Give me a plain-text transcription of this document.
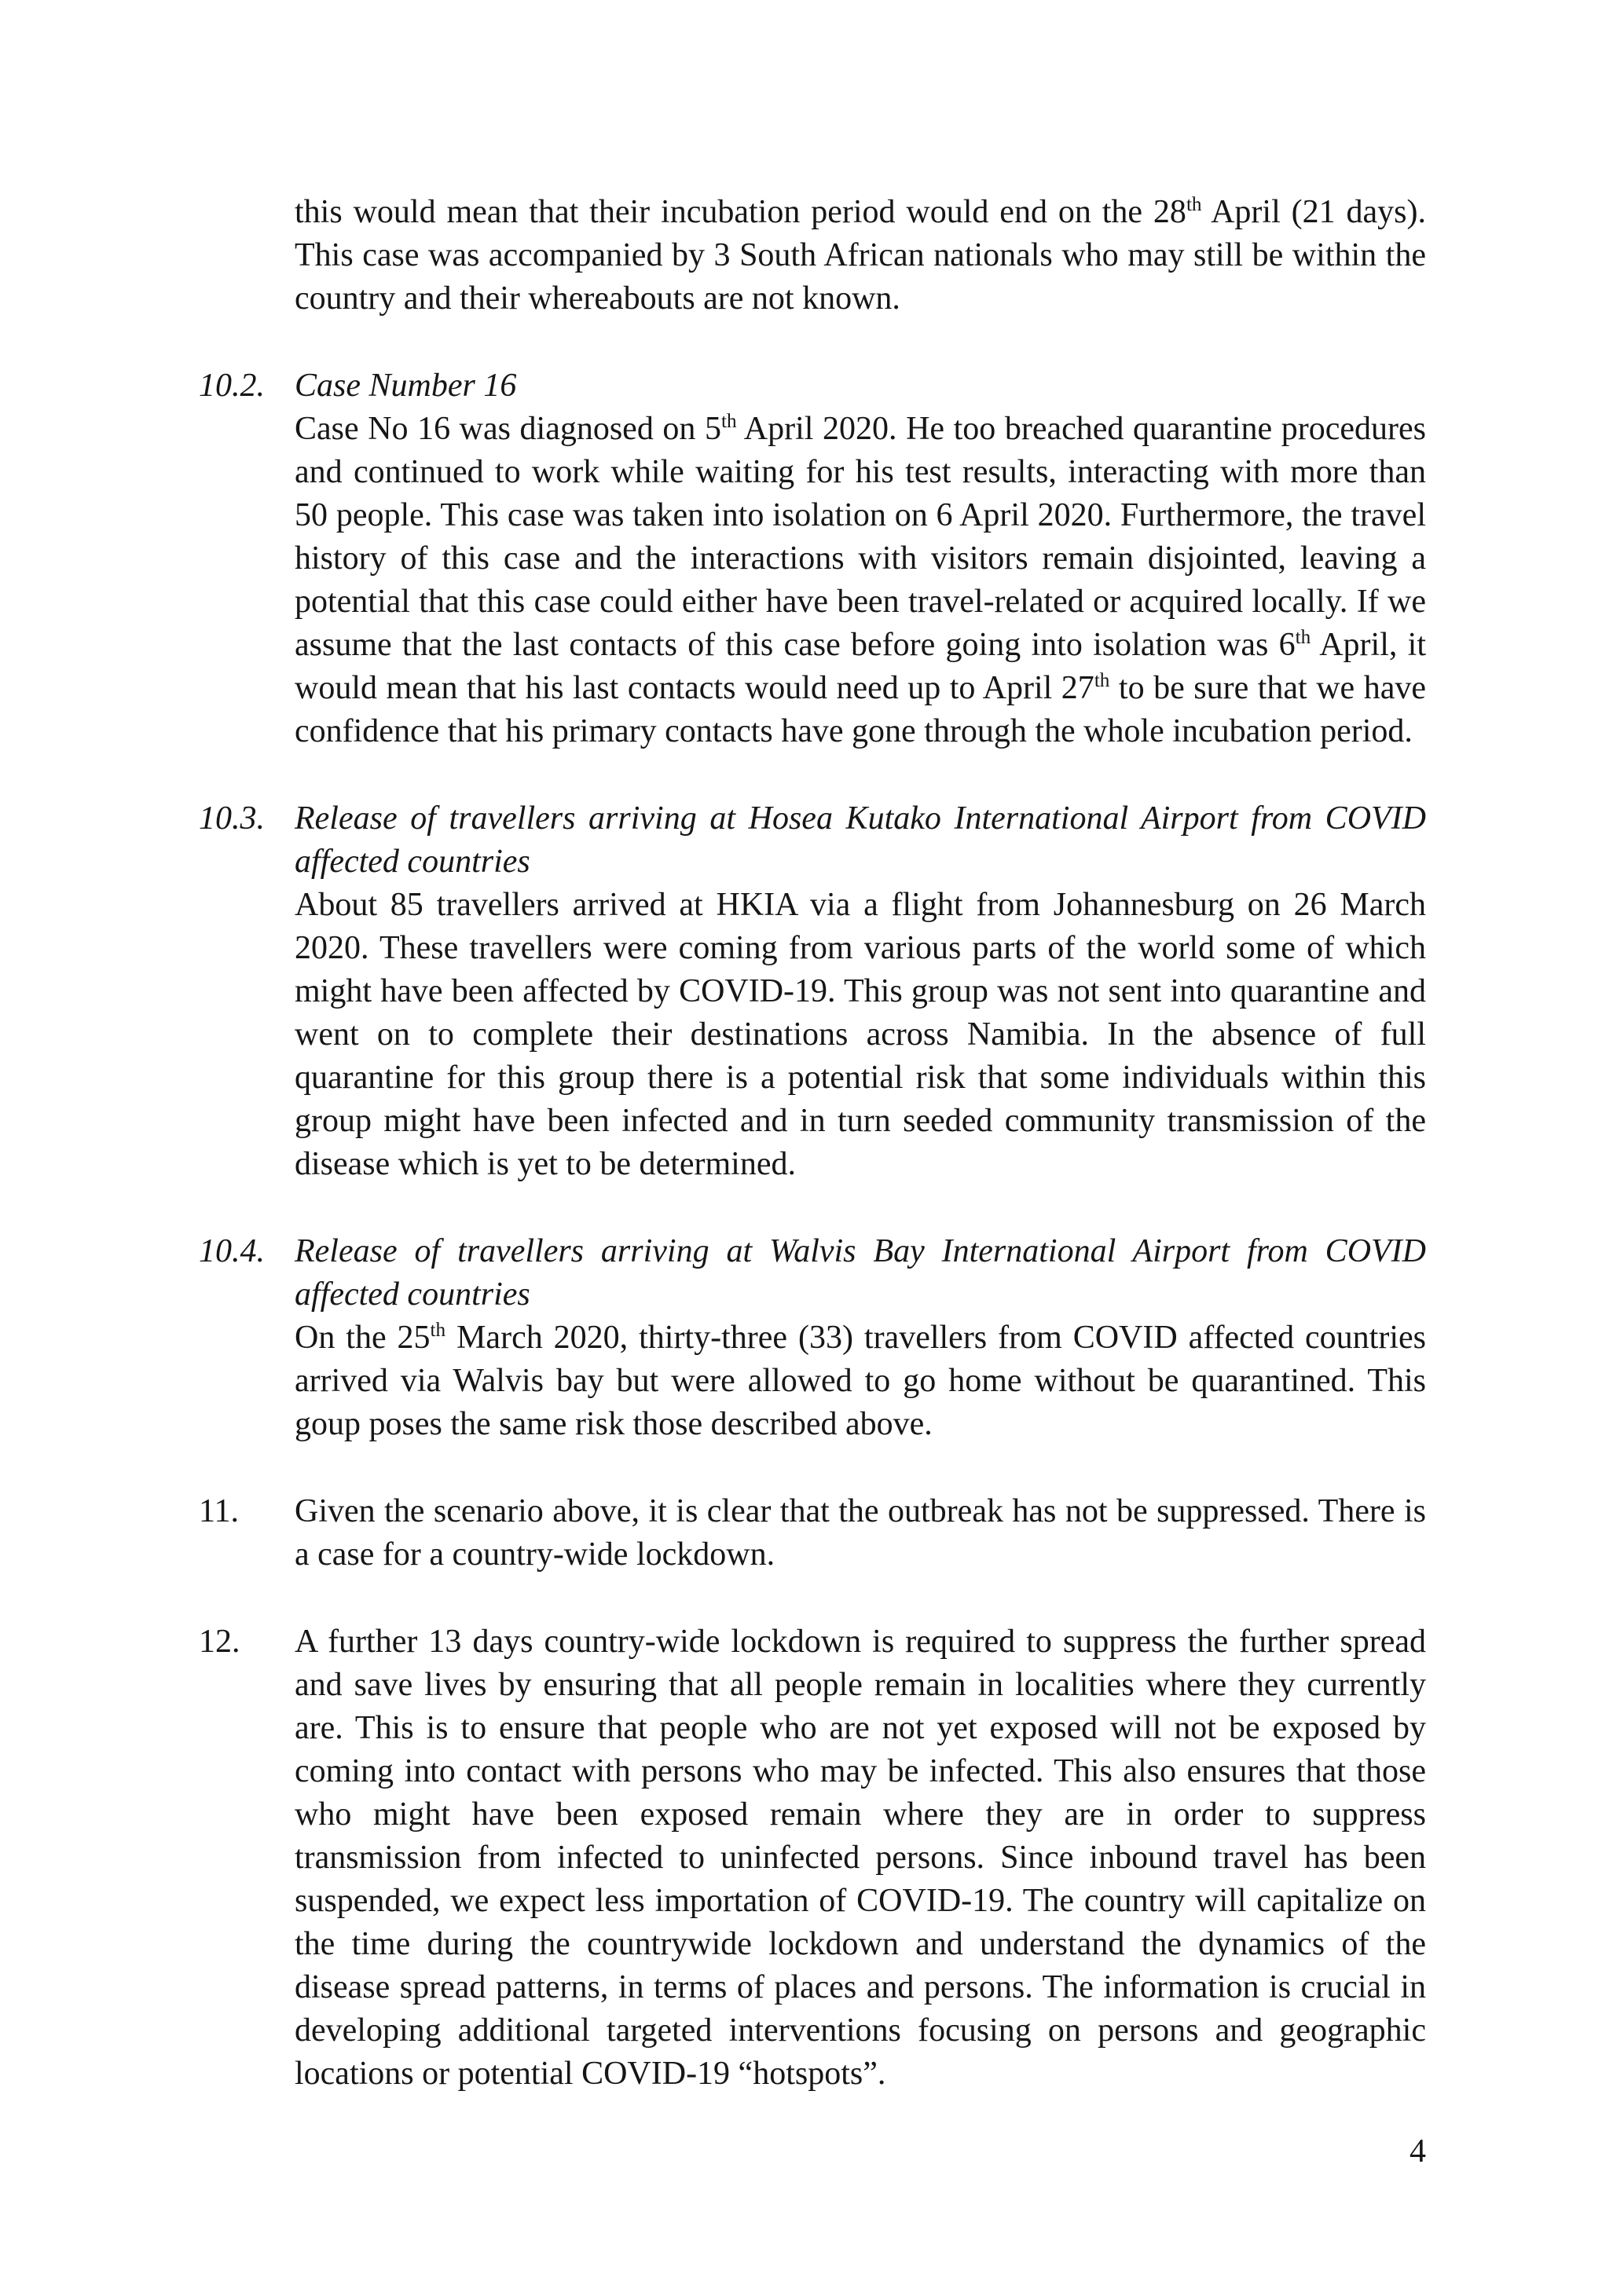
this would mean that their incubation period would end on the 28th April (21 days). This case was accompanied by 3 South African nationals who may still be within the country and their whereabouts are not known.

10.2. Case Number 16

Case No 16 was diagnosed on 5th April 2020. He too breached quarantine procedures and continued to work while waiting for his test results, interacting with more than 50 people. This case was taken into isolation on 6 April 2020. Furthermore, the travel history of this case and the interactions with visitors remain disjointed, leaving a potential that this case could either have been travel-related or acquired locally. If we assume that the last contacts of this case before going into isolation was 6th April, it would mean that his last contacts would need up to April 27th to be sure that we have confidence that his primary contacts have gone through the whole incubation period.

10.3. Release of travellers arriving at Hosea Kutako International Airport from COVID affected countries

About 85 travellers arrived at HKIA via a flight from Johannesburg on 26 March 2020. These travellers were coming from various parts of the world some of which might have been affected by COVID-19. This group was not sent into quarantine and went on to complete their destinations across Namibia. In the absence of full quarantine for this group there is a potential risk that some individuals within this group might have been infected and in turn seeded community transmission of the disease which is yet to be determined.

10.4. Release of travellers arriving at Walvis Bay International Airport from COVID affected countries

On the 25th March 2020, thirty-three (33) travellers from COVID affected countries arrived via Walvis bay but were allowed to go home without be quarantined. This goup poses the same risk those described above.

11.	Given the scenario above, it is clear that the outbreak has not be suppressed. There is a case for a country-wide lockdown.

12.	A further 13 days country-wide lockdown is required to suppress the further spread and save lives by ensuring that all people remain in localities where they currently are. This is to ensure that people who are not yet exposed will not be exposed by coming into contact with persons who may be infected. This also ensures that those who might have been exposed remain where they are in order to suppress transmission from infected to uninfected persons. Since inbound travel has been suspended, we expect less importation of COVID-19. The country will capitalize on the time during the countrywide lockdown and understand the dynamics of the disease spread patterns, in terms of places and persons. The information is crucial in developing additional targeted interventions focusing on persons and geographic locations or potential COVID-19 “hotspots”.

4
